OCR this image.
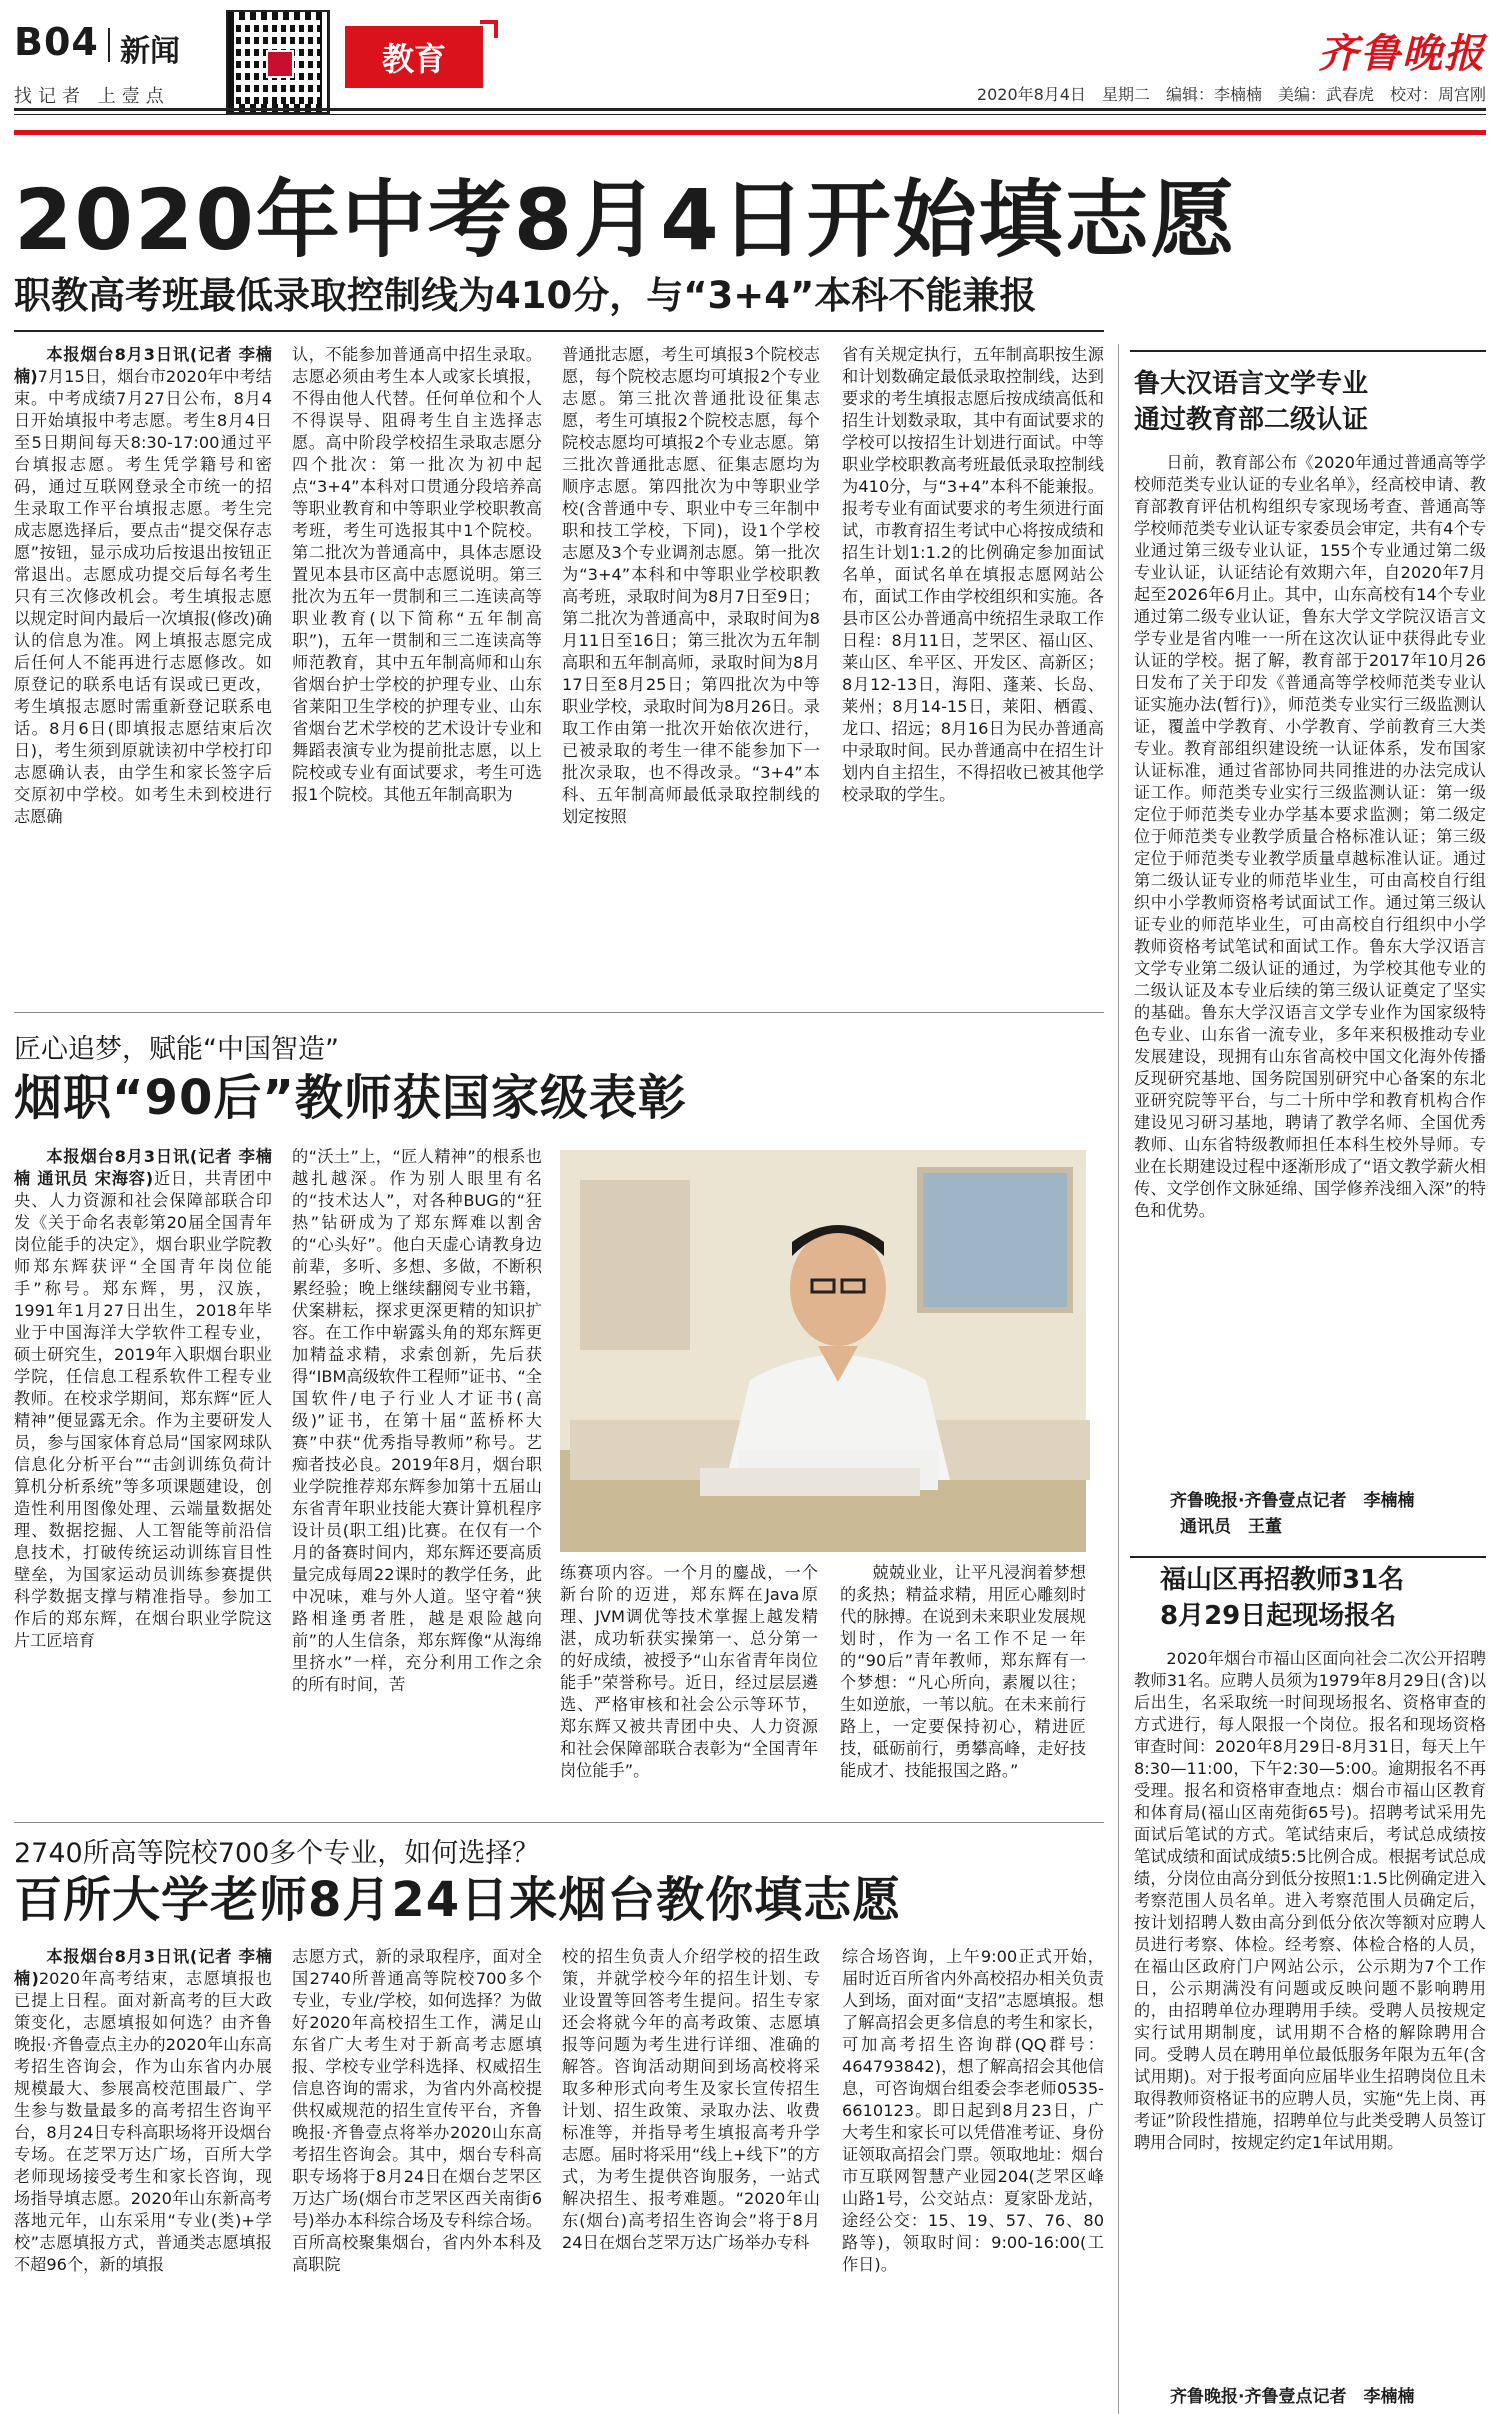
B04 新闻
找记者 上壹点
教育	齐鲁晚报
2020年8月4日　星期二　编辑：李楠楠　美编：武春虎　校对：周宫刚
2020年中考8月4日开始填志愿
职教高考班最低录取控制线为410分，与“3+4”本科不能兼报

本报烟台8月3日讯(记者 李楠楠)7月15日，烟台市2020年中考结束。中考成绩7月27日公布，8月4日开始填报中考志愿。考生8月4日至5日期间每天8:30-17:00通过平台填报志愿。考生凭学籍号和密码，通过互联网登录全市统一的招生录取工作平台填报志愿。考生完成志愿选择后，要点击“提交保存志愿”按钮，显示成功后按退出按钮正常退出。志愿成功提交后每名考生只有三次修改机会。考生填报志愿以规定时间内最后一次填报(修改)确认的信息为准。网上填报志愿完成后任何人不能再进行志愿修改。如原登记的联系电话有误或已更改，考生填报志愿时需重新登记联系电话。8月6日(即填报志愿结束后次日)，考生须到原就读初中学校打印志愿确认表，由学生和家长签字后交原初中学校。如考生未到校进行志愿确

认，不能参加普通高中招生录取。志愿必须由考生本人或家长填报，不得由他人代替。任何单位和个人不得误导、阻碍考生自主选择志愿。高中阶段学校招生录取志愿分四个批次：第一批次为初中起点“3+4”本科对口贯通分段培养高等职业教育和中等职业学校职教高考班，考生可选报其中1个院校。第二批次为普通高中，具体志愿设置见本县市区高中志愿说明。第三批次为五年一贯制和三二连读高等职业教育(以下简称“五年制高职”)，五年一贯制和三二连读高等师范教育，其中五年制高师和山东省烟台护士学校的护理专业、山东省莱阳卫生学校的护理专业、山东省烟台艺术学校的艺术设计专业和舞蹈表演专业为提前批志愿，以上院校或专业有面试要求，考生可选报1个院校。其他五年制高职为

普通批志愿，考生可填报3个院校志愿，每个院校志愿均可填报2个专业志愿。第三批次普通批设征集志愿，考生可填报2个院校志愿，每个院校志愿均可填报2个专业志愿。第三批次普通批志愿、征集志愿均为顺序志愿。第四批次为中等职业学校(含普通中专、职业中专三年制中职和技工学校，下同)，设1个学校志愿及3个专业调剂志愿。第一批次为“3+4”本科和中等职业学校职教高考班，录取时间为8月7日至9日；第二批次为普通高中，录取时间为8月11日至16日；第三批次为五年制高职和五年制高师，录取时间为8月17日至8月25日；第四批次为中等职业学校，录取时间为8月26日。录取工作由第一批次开始依次进行，已被录取的考生一律不能参加下一批次录取，也不得改录。“3+4”本科、五年制高师最低录取控制线的划定按照

省有关规定执行，五年制高职按生源和计划数确定最低录取控制线，达到要求的考生填报志愿后按成绩高低和招生计划数录取，其中有面试要求的学校可以按招生计划进行面试。中等职业学校职教高考班最低录取控制线为410分，与“3+4”本科不能兼报。报考专业有面试要求的考生须进行面试，市教育招生考试中心将按成绩和招生计划1:1.2的比例确定参加面试名单，面试名单在填报志愿网站公布，面试工作由学校组织和实施。各县市区公办普通高中统招生录取工作日程：8月11日，芝罘区、福山区、莱山区、牟平区、开发区、高新区；8月12-13日，海阳、蓬莱、长岛、莱州；8月14-15日，莱阳、栖霞、龙口、招远；8月16日为民办普通高中录取时间。民办普通高中在招生计划内自主招生，不得招收已被其他学校录取的学生。

匠心追梦，赋能“中国智造”
烟职“90后”教师获国家级表彰

本报烟台8月3日讯(记者 李楠楠 通讯员 宋海容)近日，共青团中央、人力资源和社会保障部联合印发《关于命名表彰第20届全国青年岗位能手的决定》，烟台职业学院教师郑东辉获评“全国青年岗位能手”称号。郑东辉，男，汉族，1991年1月27日出生，2018年毕业于中国海洋大学软件工程专业，硕士研究生，2019年入职烟台职业学院，任信息工程系软件工程专业教师。在校求学期间，郑东辉“匠人精神”便显露无余。作为主要研发人员，参与国家体育总局“国家网球队信息化分析平台”“击剑训练负荷计算机分析系统”等多项课题建设，创造性利用图像处理、云端量数据处理、数据挖掘、人工智能等前沿信息技术，打破传统运动训练盲目性壁垒，为国家运动员训练参赛提供科学数据支撑与精准指导。参加工作后的郑东辉，在烟台职业学院这片工匠培育

的“沃土”上，“匠人精神”的根系也越扎越深。作为别人眼里有名的“技术达人”，对各种BUG的“狂热”钻研成为了郑东辉难以割舍的“心头好”。他白天虚心请教身边前辈，多听、多想、多做，不断积累经验；晚上继续翻阅专业书籍，伏案耕耘，探求更深更精的知识扩容。在工作中崭露头角的郑东辉更加精益求精，求索创新，先后获得“IBM高级软件工程师”证书、“全国软件/电子行业人才证书(高级)”证书，在第十届“蓝桥杯大赛”中获“优秀指导教师”称号。艺痴者技必良。2019年8月，烟台职业学院推荐郑东辉参加第十五届山东省青年职业技能大赛计算机程序设计员(职工组)比赛。在仅有一个月的备赛时间内，郑东辉还要高质量完成每周22课时的教学任务，此中况味，难与外人道。坚守着“狭路相逢勇者胜，越是艰险越向前”的人生信条，郑东辉像“从海绵里挤水”一样，充分利用工作之余的所有时间，苦

练赛项内容。一个月的鏖战，一个新台阶的迈进，郑东辉在Java原理、JVM调优等技术掌握上越发精湛，成功斩获实操第一、总分第一的好成绩，被授予“山东省青年岗位能手”荣誉称号。近日，经过层层遴选、严格审核和社会公示等环节，郑东辉又被共青团中央、人力资源和社会保障部联合表彰为“全国青年岗位能手”。

兢兢业业，让平凡浸润着梦想的炙热；精益求精，用匠心雕刻时代的脉搏。在说到未来职业发展规划时，作为一名工作不足一年的“90后”青年教师，郑东辉有一个梦想：“凡心所向，素履以往；生如逆旅，一苇以航。在未来前行路上，一定要保持初心，精进匠技，砥砺前行，勇攀高峰，走好技能成才、技能报国之路。”

2740所高等院校700多个专业，如何选择？
百所大学老师8月24日来烟台教你填志愿

本报烟台8月3日讯(记者 李楠楠)2020年高考结束，志愿填报也已提上日程。面对新高考的巨大政策变化，志愿填报如何选？由齐鲁晚报·齐鲁壹点主办的2020年山东高考招生咨询会，作为山东省内办展规模最大、参展高校范围最广、学生参与数量最多的高考招生咨询平台，8月24日专科高职场将开设烟台专场。在芝罘万达广场，百所大学老师现场接受考生和家长咨询，现场指导填志愿。2020年山东新高考落地元年，山东采用“专业(类)+学校”志愿填报方式，普通类志愿填报不超96个，新的填报

志愿方式，新的录取程序，面对全国2740所普通高等院校700多个专业，专业/学校，如何选择？为做好2020年高校招生工作，满足山东省广大考生对于新高考志愿填报、学校专业学科选择、权威招生信息咨询的需求，为省内外高校提供权威规范的招生宣传平台，齐鲁晚报·齐鲁壹点将举办2020山东高考招生咨询会。其中，烟台专科高职专场将于8月24日在烟台芝罘区万达广场(烟台市芝罘区西关南街6号)举办本科综合场及专科综合场。百所高校聚集烟台，省内外本科及高职院

校的招生负责人介绍学校的招生政策，并就学校今年的招生计划、专业设置等回答考生提问。招生专家还会将就今年的高考政策、志愿填报等问题为考生进行详细、准确的解答。咨询活动期间到场高校将采取多种形式向考生及家长宣传招生计划、招生政策、录取办法、收费标准等，并指导考生填报高考升学志愿。届时将采用“线上+线下”的方式，为考生提供咨询服务，一站式解决招生、报考难题。“2020年山东(烟台)高考招生咨询会”将于8月24日在烟台芝罘万达广场举办专科

综合场咨询，上午9:00正式开始，届时近百所省内外高校招办相关负责人到场，面对面“支招”志愿填报。想了解高招会更多信息的考生和家长，可加高考招生咨询群(QQ群号：464793842)，想了解高招会其他信息，可咨询烟台组委会李老师0535-6610123。即日起到8月23日，广大考生和家长可以凭借准考证、身份证领取高招会门票。领取地址：烟台市互联网智慧产业园204(芝罘区峰山路1号，公交站点：夏家卧龙站，途经公交：15、19、57、76、80路等)，领取时间：9:00-16:00(工作日)。

鲁大汉语言文学专业
通过教育部二级认证

日前，教育部公布《2020年通过普通高等学校师范类专业认证的专业名单》，经高校申请、教育部教育评估机构组织专家现场考查、普通高等学校师范类专业认证专家委员会审定，共有4个专业通过第三级专业认证，155个专业通过第二级专业认证，认证结论有效期六年，自2020年7月起至2026年6月止。其中，山东高校有14个专业通过第二级专业认证，鲁东大学文学院汉语言文学专业是省内唯一一所在这次认证中获得此专业认证的学校。据了解，教育部于2017年10月26日发布了关于印发《普通高等学校师范类专业认证实施办法(暂行)》，师范类专业实行三级监测认证，覆盖中学教育、小学教育、学前教育三大类专业。教育部组织建设统一认证体系，发布国家认证标准，通过省部协同共同推进的办法完成认证工作。师范类专业实行三级监测认证：第一级定位于师范类专业办学基本要求监测；第二级定位于师范类专业教学质量合格标准认证；第三级定位于师范类专业教学质量卓越标准认证。通过第二级认证专业的师范毕业生，可由高校自行组织中小学教师资格考试面试工作。通过第三级认证专业的师范毕业生，可由高校自行组织中小学教师资格考试笔试和面试工作。鲁东大学汉语言文学专业第二级认证的通过，为学校其他专业的二级认证及本专业后续的第三级认证奠定了坚实的基础。鲁东大学汉语言文学专业作为国家级特色专业、山东省一流专业，多年来积极推动专业发展建设，现拥有山东省高校中国文化海外传播反现研究基地、国务院国别研究中心备案的东北亚研究院等平台，与二十所中学和教育机构合作建设见习研习基地，聘请了教学名师、全国优秀教师、山东省特级教师担任本科生校外导师。专业在长期建设过程中逐渐形成了“语文教学薪火相传、文学创作文脉延绵、国学修养浅细入深”的特色和优势。

齐鲁晚报·齐鲁壹点记者　李楠楠
通讯员　王董
福山区再招教师31名
8月29日起现场报名

2020年烟台市福山区面向社会二次公开招聘教师31名。应聘人员须为1979年8月29日(含)以后出生，名采取统一时间现场报名、资格审查的方式进行，每人限报一个岗位。报名和现场资格审查时间：2020年8月29日-8月31日，每天上午8:30—11:00，下午2:30—5:00。逾期报名不再受理。报名和资格审查地点：烟台市福山区教育和体育局(福山区南苑街65号)。招聘考试采用先面试后笔试的方式。笔试结束后，考试总成绩按笔试成绩和面试成绩5:5比例合成。根据考试总成绩，分岗位由高分到低分按照1:1.5比例确定进入考察范围人员名单。进入考察范围人员确定后，按计划招聘人数由高分到低分依次等额对应聘人员进行考察、体检。经考察、体检合格的人员，在福山区政府门户网站公示，公示期为7个工作日，公示期满没有问题或反映问题不影响聘用的，由招聘单位办理聘用手续。受聘人员按规定实行试用期制度，试用期不合格的解除聘用合同。受聘人员在聘用单位最低服务年限为五年(含试用期)。对于报考面向应届毕业生招聘岗位且未取得教师资格证书的应聘人员，实施“先上岗、再考证”阶段性措施，招聘单位与此类受聘人员签订聘用合同时，按规定约定1年试用期。

齐鲁晚报·齐鲁壹点记者　李楠楠
